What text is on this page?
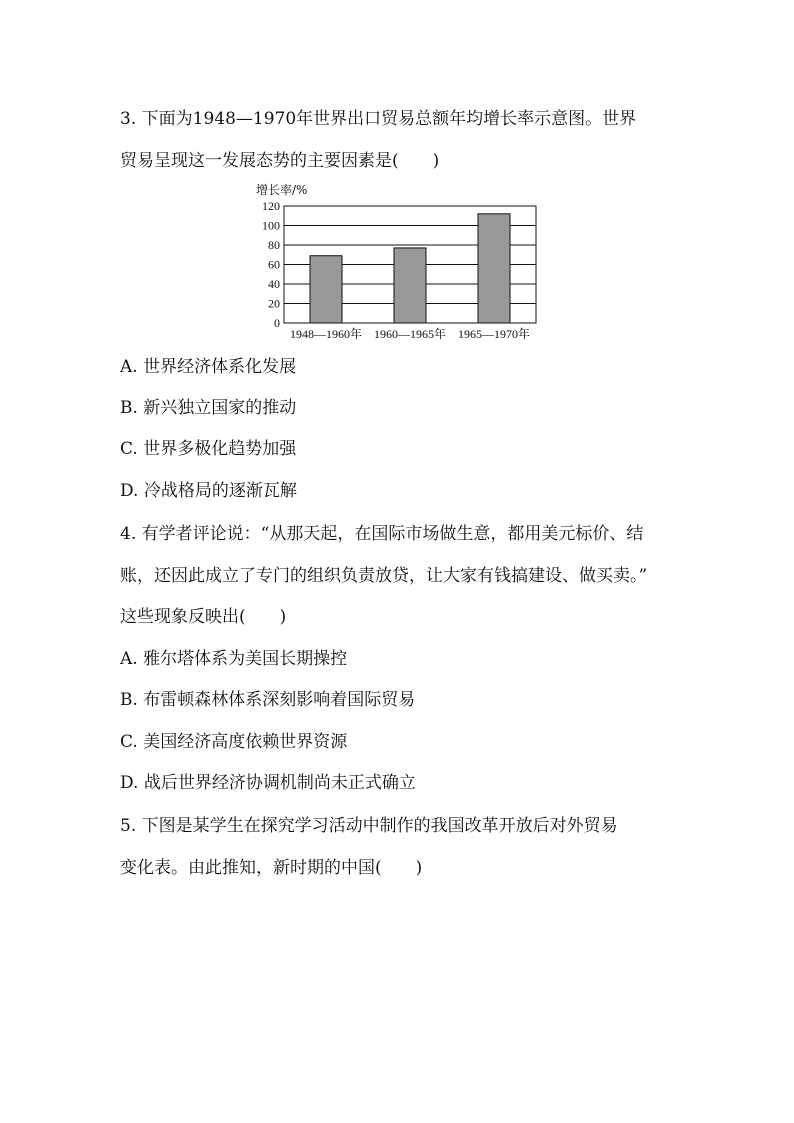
3. 下面为1948—1970年世界出口贸易总额年均增长率示意图。世界
贸易呈现这一发展态势的主要因素是(　　)
增长率/%
0
20
40
60
80
100
120
1948—1960年 1960—1965年 1965—1970年
A. 世界经济体系化发展
B. 新兴独立国家的推动
C. 世界多极化趋势加强
D. 冷战格局的逐渐瓦解
4. 有学者评论说：“从那天起，在国际市场做生意，都用美元标价、结
账，还因此成立了专门的组织负责放贷，让大家有钱搞建设、做买卖。”
这些现象反映出(　　)
A. 雅尔塔体系为美国长期操控
B. 布雷顿森林体系深刻影响着国际贸易
C. 美国经济高度依赖世界资源
D. 战后世界经济协调机制尚未正式确立
5. 下图是某学生在探究学习活动中制作的我国改革开放后对外贸易
变化表。由此推知，新时期的中国(　　)
